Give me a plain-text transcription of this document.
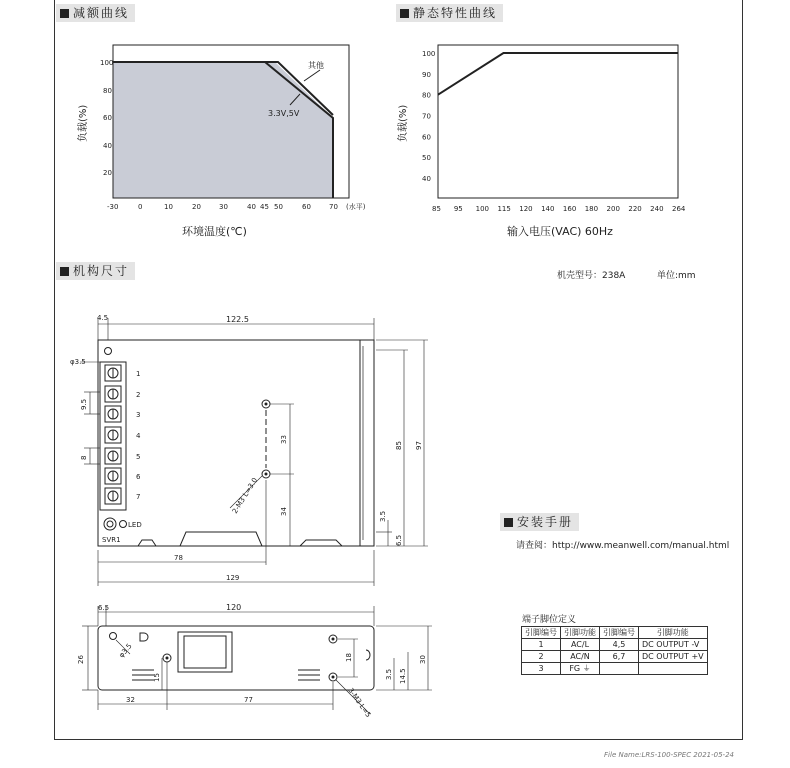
减额曲线	静态特性曲线
机构尺寸
安装手册
其他
3.3V,5V
100
80
60
40
20
-30	0	10	20	30	40 45 50	60	70 (水平)
环境温度(℃)
负载(%)
100
90
80
70
60
50
40
85 95 100 115 120 140 160 180 200 220 240 264
输入电压(VAC) 60Hz
负载(%)
机壳型号：238A	单位:mm
1
2
3
4
5
6
7
LED
SVR1
4.5	122.5
φ3.5
9.5
8
33
34
85 97
3.5
6.5
78
129
2-M3 L=3.0
请查阅：http://www.meanwell.com/manual.html
6.5	120
φ3.5
26
15
18
3.5 14.5
30
32	77	3-M3 L=5
端子脚位定义
引脚编号	引脚功能	引脚编号	引脚功能
1	AC/L	4,5	DC OUTPUT -V
2	AC/N	6,7	DC OUTPUT +V
3	FG ⏚		
File Name:LRS-100-SPEC 2021-05-24
